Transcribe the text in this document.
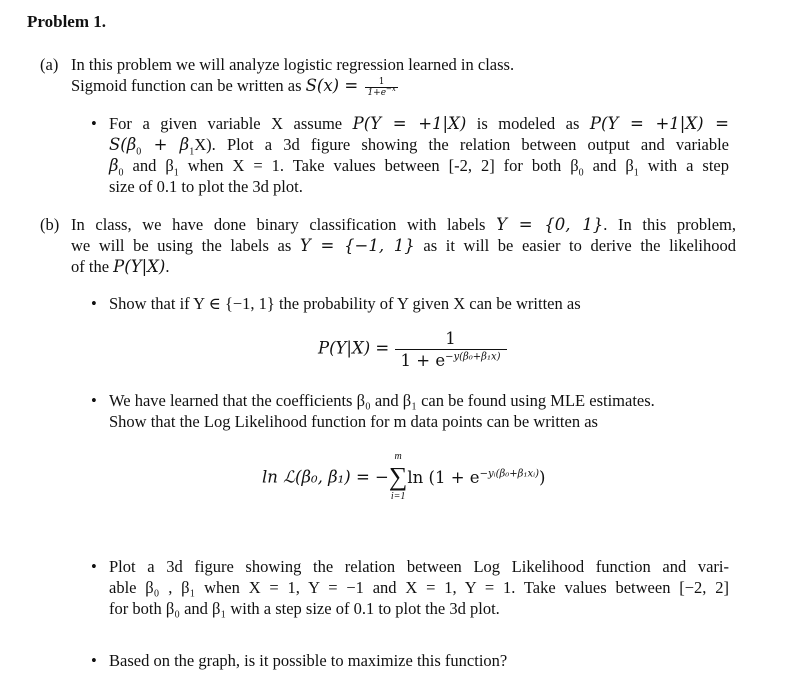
Problem 1.
(a) In this problem we will analyze logistic regression learned in class.
Sigmoid function can be written as $S(x) = \frac{1}{1+e^{-x}}$
• For a given variable X assume P(Y = +1|X) is modeled as P(Y = +1|X) =
$S(\beta_0 + \beta_1X)$. Plot a 3d figure showing the relation between output and variable
$\beta_0$ and $\beta_1$ when X = 1. Take values between [-2, 2] for both $\beta_0$ and $\beta_1$ with a step
size of 0.1 to plot the 3d plot.
(b) In class, we have done binary classification with labels Y = {0, 1}. In this problem,
we will be using the labels as Y = {−1, 1} as it will be easier to derive the likelihood
of the P(Y|X).
• Show that if Y ∈ {−1, 1} the probability of Y given X can be written as
$P(Y|X) = \frac{1}{1 + e^{-y(\beta_0+\beta_1x)}}$
• We have learned that the coefficients β₀ and β₁ can be found using MLE estimates.
Show that the Log Likelihood function for m data points can be written as
ln ℒ(β₀, β₁) = −
m
∑
i=1
$\ln (1 + e^{-yᵢ(\beta_0+\beta_1xᵢ)})$
• Plot a 3d figure showing the relation between Log Likelihood function and vari-
able β₀ , β₁ when X = 1, Y = −1 and X = 1, Y = 1. Take values between [−2, 2]
for both β₀ and β₁ with a step size of 0.1 to plot the 3d plot.
• Based on the graph, is it possible to maximize this function?
